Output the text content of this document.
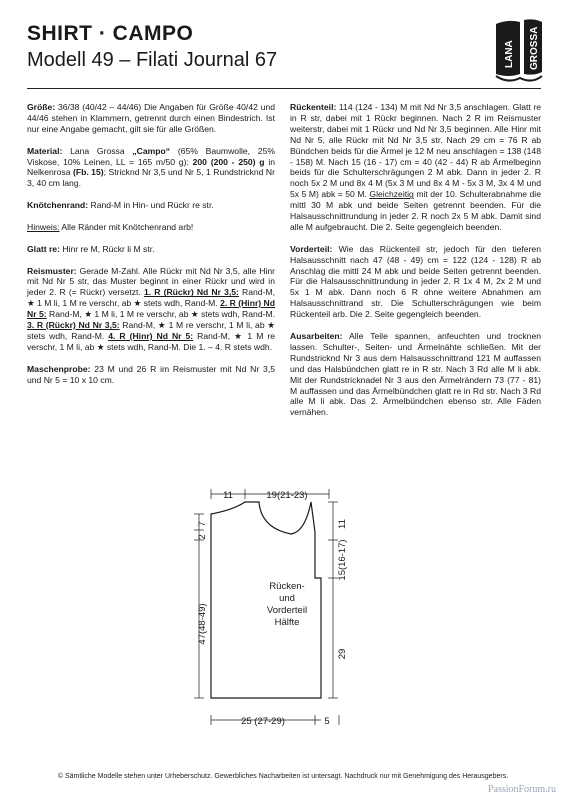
SHIRT · CAMPO
Modell 49 – Filati Journal 67	LANA GROSSA

Größe: 36/38 (40/42 – 44/46) Die Angaben für Größe 40/42 und 44/46 stehen in Klammern, getrennt durch einen Bindestrich. Ist nur eine Angabe gemacht, gilt sie für alle Größen.

Material: Lana Grossa „Campo“ (65% Baumwolle, 25% Viskose, 10% Leinen, LL = 165 m/50 g): 200 (200 - 250) g in Nelkenrosa (Fb. 15); Stricknd Nr 3,5 und Nr 5, 1 Rundstricknd Nr 3, 40 cm lang.

Knötchenrand: Rand-M in Hin- und Rückr re str.

Hinweis: Alle Ränder mit Knötchenrand arb!

Glatt re: Hinr re M, Rückr li M str.

Reismuster: Gerade M-Zahl. Alle Rückr mit Nd Nr 3,5, alle Hinr mit Nd Nr 5 str, das Muster beginnt in einer Rückr und wird in jeder 2. R (= Rückr) versetzt. 1. R (Rückr) Nd Nr 3,5: Rand-M, ★ 1 M li, 1 M re verschr, ab ★ stets wdh, Rand-M. 2. R (Hinr) Nd Nr 5: Rand-M, ★ 1 M li, 1 M re verschr, ab ★ stets wdh, Rand-M. 3. R (Rückr) Nd Nr 3,5: Rand-M, ★ 1 M re verschr, 1 M li, ab ★ stets wdh, Rand-M. 4. R (Hinr) Nd Nr 5: Rand-M, ★ 1 M re verschr, 1 M li, ab ★ stets wdh, Rand-M. Die 1. – 4. R stets wdh.

Maschenprobe: 23 M und 26 R im Reismuster mit Nd Nr 3,5 und Nr 5 = 10 x 10 cm.

Rückenteil: 114 (124 - 134) M mit Nd Nr 3,5 anschlagen. Glatt re in R str, dabei mit 1 Rückr beginnen. Nach 2 R im Reismuster weiterstr, dabei mit 1 Rückr und Nd Nr 3,5 beginnen. Alle Hinr mit Nd Nr 5, alle Rückr mit Nd Nr 3,5 str. Nach 29 cm = 76 R ab Bündchen beids für die Ärmel je 12 M neu anschlagen = 138 (148 - 158) M. Nach 15 (16 - 17) cm = 40 (42 - 44) R ab Ärmelbeginn beids für die Schulterschrägungen 2 M abk. Dann in jeder 2. R noch 5x 2 M und 8x 4 M (5x 3 M und 8x 4 M - 5x 3 M, 3x 4 M und 5x 5 M) abk = 50 M. Gleichzeitig mit der 10. Schulterabnahme die mittl 30 M abk und beide Seiten getrennt beenden. Für die Halsausschnittrundung in jeder 2. R noch 2x 5 M abk. Damit sind alle M aufgebraucht. Die 2. Seite gegengleich beenden.

Vorderteil: Wie das Rückenteil str, jedoch für den tieferen Halsausschnitt nach 47 (48 - 49) cm = 122 (124 - 128) R ab Anschlag die mittl 24 M abk und beide Seiten getrennt beenden. Für die Halsausschnittrundung in jeder 2. R 1x 4 M, 2x 2 M und 5x 1 M abk. Dann noch 6 R ohne weitere Abnahmen am Halsausschnittrand str. Die Schulterschrägungen wie beim Rückenteil arb. Die 2. Seite gegengleich beenden.

Ausarbeiten: Alle Teile spannen, anfeuchten und trocknen lassen. Schulter-, Seiten- und Ärmelnähte schließen. Mit der Rundstricknd Nr 3 aus dem Halsausschnittrand 121 M auffassen und das Halsbündchen glatt re in R str. Nach 3 Rd alle M li abk. Mit der Rundstricknadel Nr 3 aus den Ärmelrändern 73 (77 - 81) M auffassen und das Ärmelbündchen glatt re in Rd str. Nach 3 Rd alle M li abk. Das 2. Ärmelbündchen ebenso str. Alle Fäden vernähen.

11	19(21-23)
7
2
47(48-49)
11
15(16-17)
29
25 (27-29)	5
Rücken-
und
Vorderteil
Hälfte
© Sämtliche Modelle stehen unter Urheberschutz. Gewerbliches Nacharbeiten ist untersagt. Nachdruck nur mit Genehmigung des Herausgebers.
PassionForum.ru
